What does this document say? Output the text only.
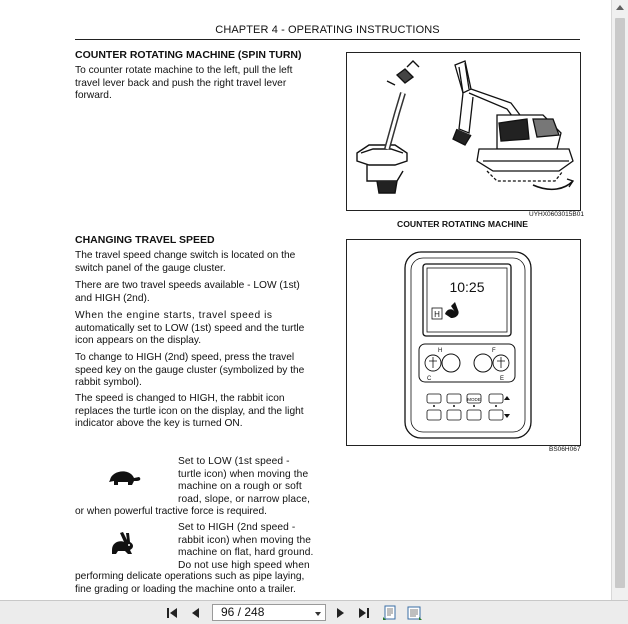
CHAPTER 4 - OPERATING INSTRUCTIONS
COUNTER ROTATING MACHINE (SPIN TURN)

To counter rotate machine to the left, pull the left
travel lever back and push the right travel lever
forward.

UYHX0603015B01
COUNTER ROTATING MACHINE
CHANGING TRAVEL SPEED

The travel speed change switch is located on the
switch panel of the gauge cluster.

There are two travel speeds available - LOW (1st)
and HIGH (2nd).

When the engine starts, travel speed is
automatically set to LOW (1st) speed and the turtle
icon appears on the display.

To change to HIGH (2nd) speed, press the travel
speed key on the gauge cluster (symbolized by the
rabbit symbol).

The speed is changed to HIGH, the rabbit icon
replaces the turtle icon on the display, and the light
indicator above the key is turned ON.

10:25
H
H
C
F
E
MODE
BS06H067

Set to LOW (1st speed -
turtle icon) when moving the
machine on a rough or soft
road, slope, or narrow place,

or when powerful tractive force is required.

Set to HIGH (2nd speed -
rabbit icon) when moving the
machine on flat, hard ground.
Do not use high speed when

performing delicate operations such as pipe laying,
fine grading or loading the machine onto a trailer.

96 / 248
